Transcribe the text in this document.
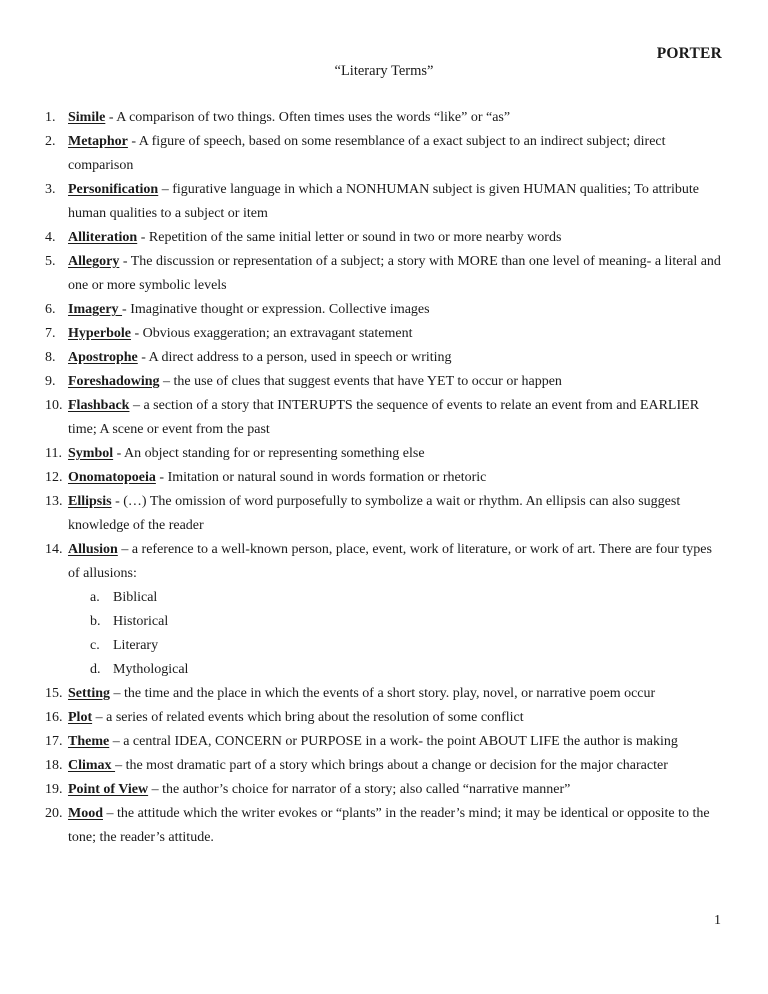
PORTER
“Literary Terms”
1. Simile - A comparison of two things. Often times uses the words “like” or “as”
2. Metaphor - A figure of speech, based on some resemblance of a exact subject to an indirect subject; direct comparison
3. Personification – figurative language in which a NONHUMAN subject is given HUMAN qualities; To attribute human qualities to a subject or item
4. Alliteration - Repetition of the same initial letter or sound in two or more nearby words
5. Allegory - The discussion or representation of a subject; a story with MORE than one level of meaning- a literal and one or more symbolic levels
6. Imagery - Imaginative thought or expression. Collective images
7. Hyperbole - Obvious exaggeration; an extravagant statement
8. Apostrophe - A direct address to a person, used in speech or writing
9. Foreshadowing – the use of clues that suggest events that have YET to occur or happen
10. Flashback – a section of a story that INTERUPTS the sequence of events to relate an event from and EARLIER time; A scene or event from the past
11. Symbol - An object standing for or representing something else
12. Onomatopoeia - Imitation or natural sound in words formation or rhetoric
13. Ellipsis - (…) The omission of word purposefully to symbolize a wait or rhythm. An ellipsis can also suggest knowledge of the reader
14. Allusion – a reference to a well-known person, place, event, work of literature, or work of art. There are four types of allusions:
a. Biblical
b. Historical
c. Literary
d. Mythological
15. Setting – the time and the place in which the events of a short story. play, novel, or narrative poem occur
16. Plot – a series of related events which bring about the resolution of some conflict
17. Theme – a central IDEA, CONCERN or PURPOSE in a work- the point ABOUT LIFE the author is making
18. Climax – the most dramatic part of a story which brings about a change or decision for the major character
19. Point of View – the author’s choice for narrator of a story; also called “narrative manner”
20. Mood – the attitude which the writer evokes or “plants” in the reader’s mind; it may be identical or opposite to the tone; the reader’s attitude.
1
